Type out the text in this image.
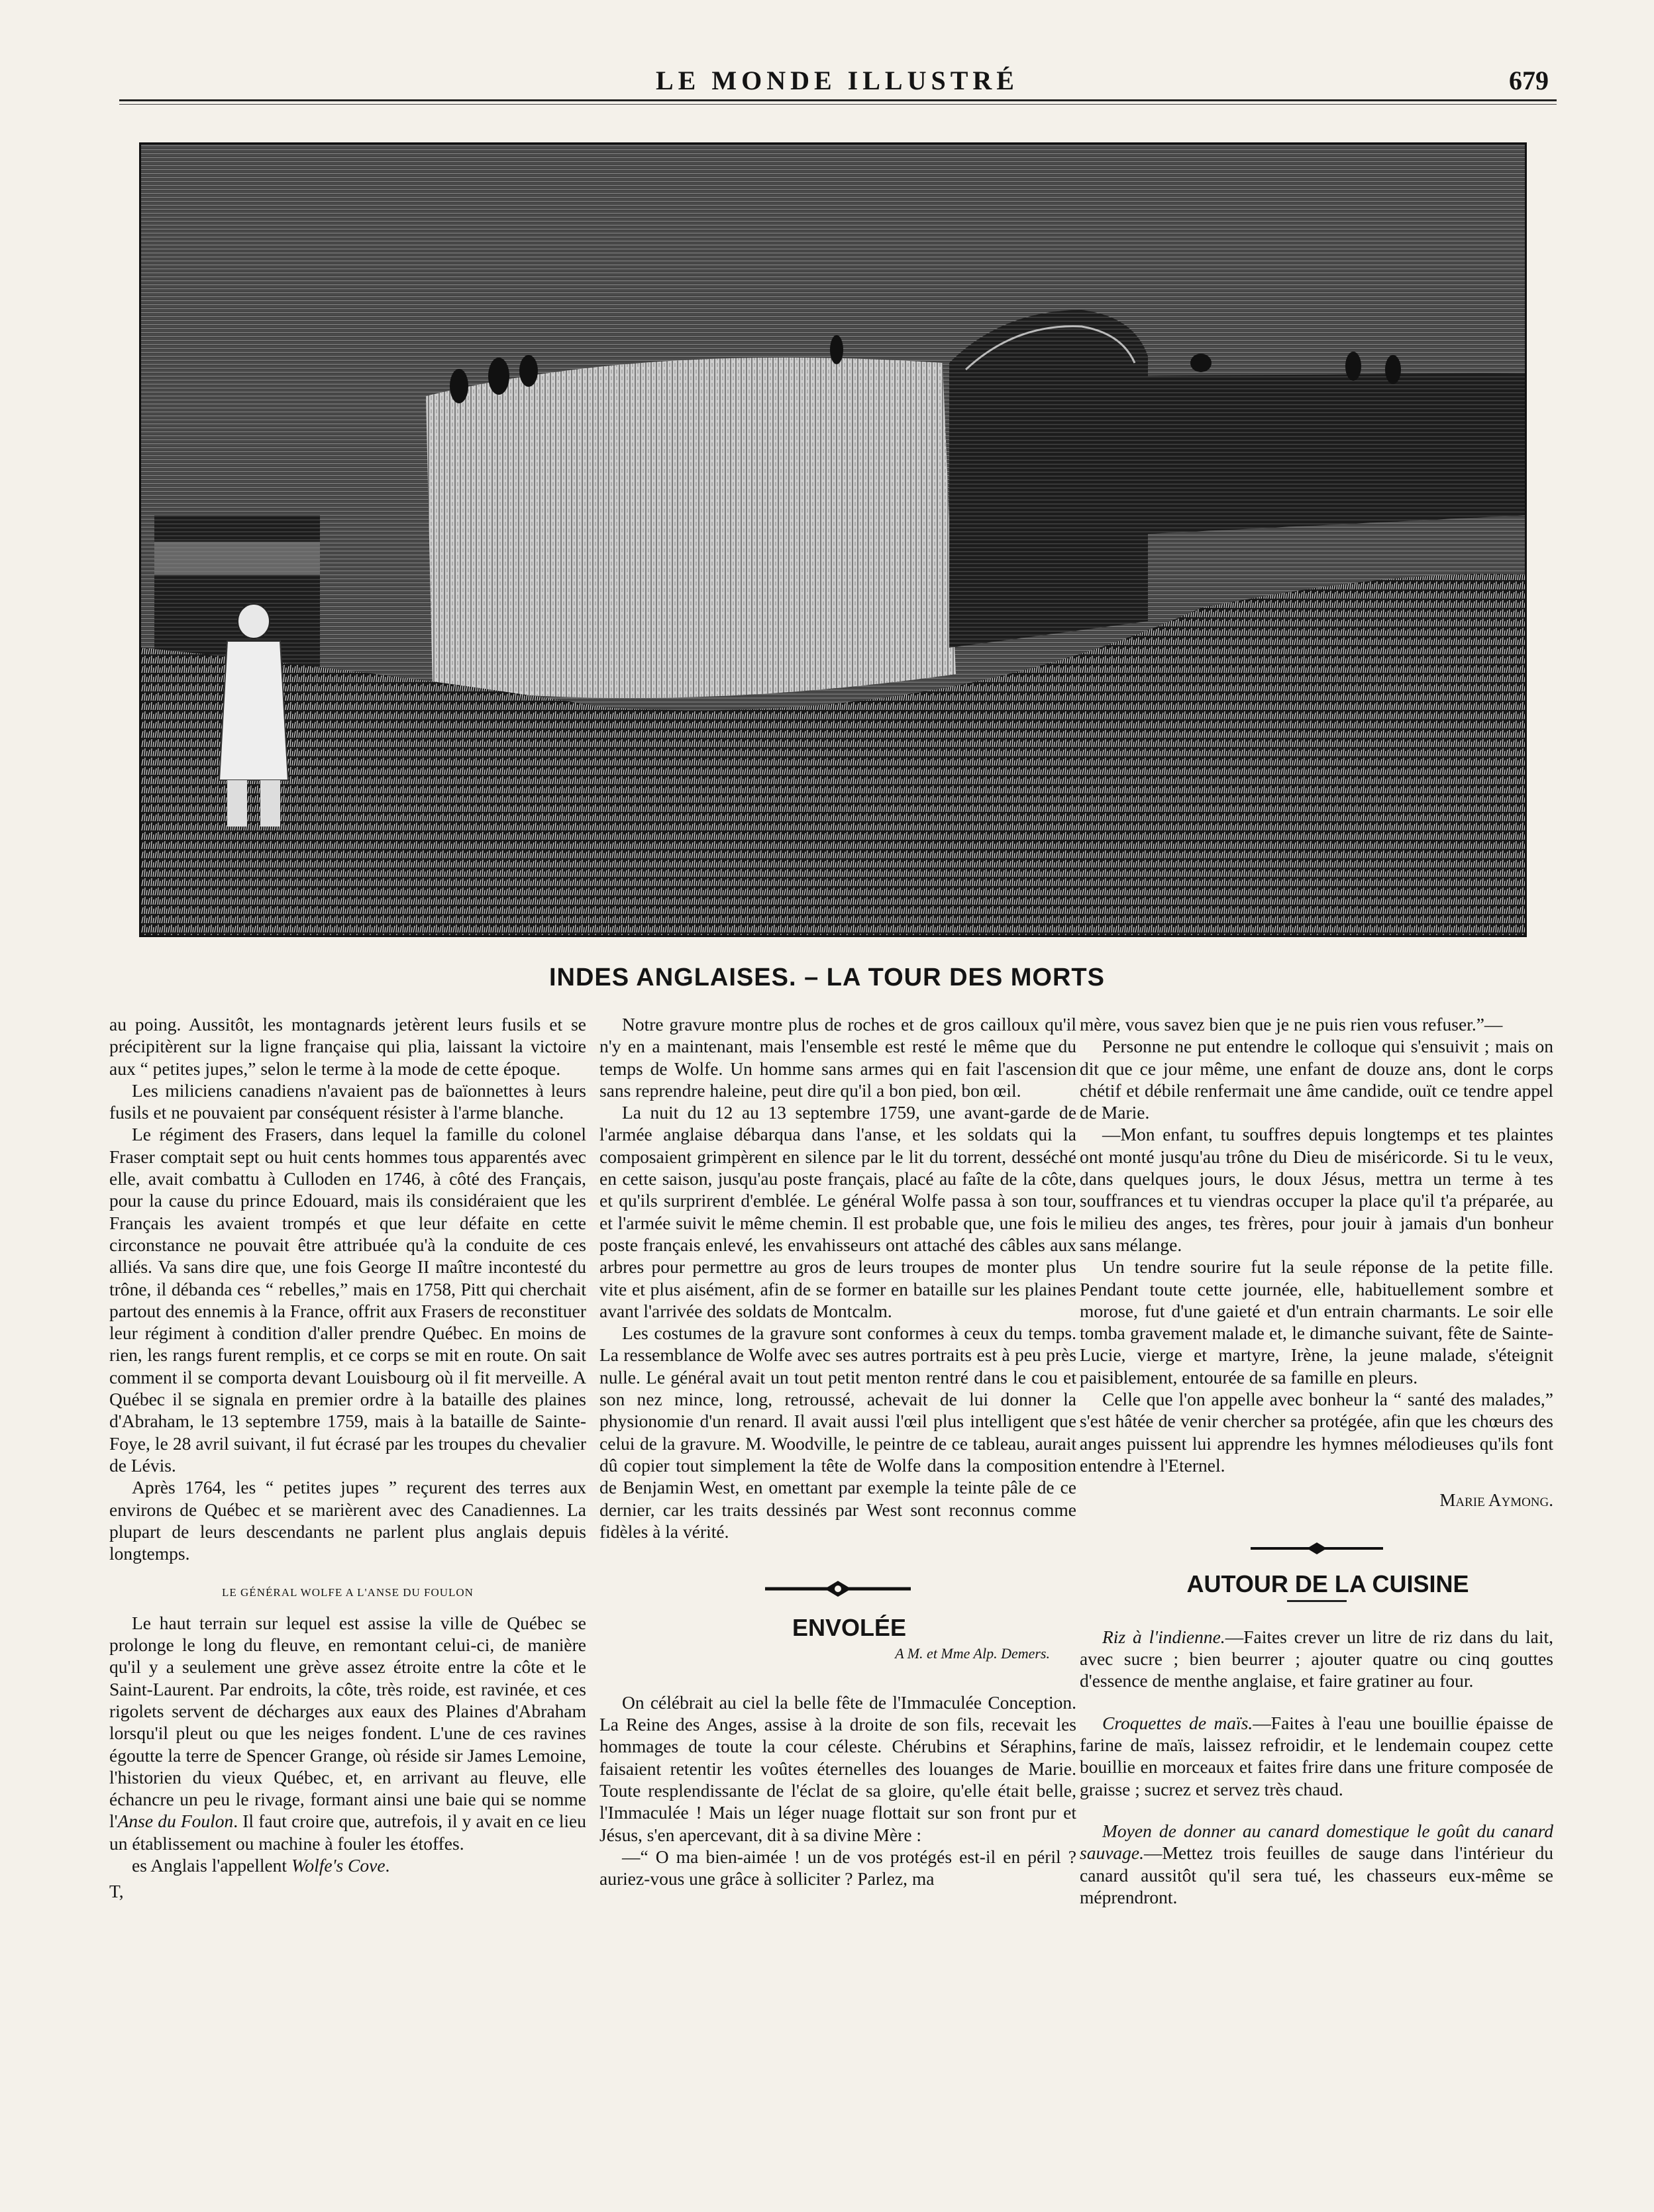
LE MONDE ILLUSTRÉ	679
INDES ANGLAISES. – LA TOUR DES MORTS

au poing. Aussitôt, les montagnards jetèrent leurs fusils et se précipitèrent sur la ligne française qui plia, laissant la victoire aux “ petites jupes,” selon le terme à la mode de cette époque.

Les miliciens canadiens n'avaient pas de baïonnettes à leurs fusils et ne pouvaient par conséquent résister à l'arme blanche.

Le régiment des Frasers, dans lequel la famille du colonel Fraser comptait sept ou huit cents hommes tous apparentés avec elle, avait combattu à Culloden en 1746, à côté des Français, pour la cause du prince Edouard, mais ils considéraient que les Français les avaient trompés et que leur défaite en cette circonstance ne pouvait être attribuée qu'à la conduite de ces alliés. Va sans dire que, une fois George II maître incontesté du trône, il débanda ces “ rebelles,” mais en 1758, Pitt qui cherchait partout des ennemis à la France, offrit aux Frasers de reconstituer leur régiment à condition d'aller prendre Québec. En moins de rien, les rangs furent remplis, et ce corps se mit en route. On sait comment il se comporta devant Louisbourg où il fit merveille. A Québec il se signala en premier ordre à la bataille des plaines d'Abraham, le 13 septembre 1759, mais à la bataille de Sainte-Foye, le 28 avril suivant, il fut écrasé par les troupes du chevalier de Lévis.

Après 1764, les “ petites jupes ” reçurent des terres aux environs de Québec et se marièrent avec des Canadiennes. La plupart de leurs descendants ne parlent plus anglais depuis longtemps.

LE GÉNÉRAL WOLFE A L'ANSE DU FOULON

Le haut terrain sur lequel est assise la ville de Québec se prolonge le long du fleuve, en remontant celui-ci, de manière qu'il y a seulement une grève assez étroite entre la côte et le Saint-Laurent. Par endroits, la côte, très roide, est ravinée, et ces rigolets servent de décharges aux eaux des Plaines d'Abraham lorsqu'il pleut ou que les neiges fondent. L'une de ces ravines égoutte la terre de Spencer Grange, où réside sir James Lemoine, l'historien du vieux Québec, et, en arrivant au fleuve, elle échancre un peu le rivage, formant ainsi une baie qui se nomme l'Anse du Foulon. Il faut croire que, autrefois, il y avait en ce lieu un établissement ou machine à fouler les étoffes.

es Anglais l'appellent Wolfe's Cove.

T,

Notre gravure montre plus de roches et de gros cailloux qu'il n'y en a maintenant, mais l'ensemble est resté le même que du temps de Wolfe. Un homme sans armes qui en fait l'ascension sans reprendre haleine, peut dire qu'il a bon pied, bon œil.

La nuit du 12 au 13 septembre 1759, une avant-garde de l'armée anglaise débarqua dans l'anse, et les soldats qui la composaient grimpèrent en silence par le lit du torrent, desséché en cette saison, jusqu'au poste français, placé au faîte de la côte, et qu'ils surprirent d'emblée. Le général Wolfe passa à son tour, et l'armée suivit le même chemin. Il est probable que, une fois le poste français enlevé, les envahisseurs ont attaché des câbles aux arbres pour permettre au gros de leurs troupes de monter plus vite et plus aisément, afin de se former en bataille sur les plaines avant l'arrivée des soldats de Montcalm.

Les costumes de la gravure sont conformes à ceux du temps. La ressemblance de Wolfe avec ses autres portraits est à peu près nulle. Le général avait un tout petit menton rentré dans le cou et son nez mince, long, retroussé, achevait de lui donner la physionomie d'un renard. Il avait aussi l'œil plus intelligent que celui de la gravure. M. Woodville, le peintre de ce tableau, aurait dû copier tout simplement la tête de Wolfe dans la composition de Benjamin West, en omettant par exemple la teinte pâle de ce dernier, car les traits dessinés par West sont reconnus comme fidèles à la vérité.

ENVOLÉE

A M. et Mme Alp. Demers.

On célébrait au ciel la belle fête de l'Immaculée Conception. La Reine des Anges, assise à la droite de son fils, recevait les hommages de toute la cour céleste. Chérubins et Séraphins, faisaient retentir les voûtes éternelles des louanges de Marie. Toute resplendissante de l'éclat de sa gloire, qu'elle était belle, l'Immaculée ! Mais un léger nuage flottait sur son front pur et Jésus, s'en apercevant, dit à sa divine Mère :

—“ O ma bien-aimée ! un de vos protégés est-il en péril ? auriez-vous une grâce à solliciter ? Parlez, ma

mère, vous savez bien que je ne puis rien vous refuser.”—

Personne ne put entendre le colloque qui s'ensuivit ; mais on dit que ce jour même, une enfant de douze ans, dont le corps chétif et débile renfermait une âme candide, ouït ce tendre appel de Marie.

—Mon enfant, tu souffres depuis longtemps et tes plaintes ont monté jusqu'au trône du Dieu de miséricorde. Si tu le veux, dans quelques jours, le doux Jésus, mettra un terme à tes souffrances et tu viendras occuper la place qu'il t'a préparée, au milieu des anges, tes frères, pour jouir à jamais d'un bonheur sans mélange.

Un tendre sourire fut la seule réponse de la petite fille. Pendant toute cette journée, elle, habituellement sombre et morose, fut d'une gaieté et d'un entrain charmants. Le soir elle tomba gravement malade et, le dimanche suivant, fête de Sainte-Lucie, vierge et martyre, Irène, la jeune malade, s'éteignit paisiblement, entourée de sa famille en pleurs.

Celle que l'on appelle avec bonheur la “ santé des malades,” s'est hâtée de venir chercher sa protégée, afin que les chœurs des anges puissent lui apprendre les hymnes mélodieuses qu'ils font entendre à l'Eternel.

Marie Aymong.

AUTOUR DE LA CUISINE

Riz à l'indienne.—Faites crever un litre de riz dans du lait, avec sucre ; bien beurrer ; ajouter quatre ou cinq gouttes d'essence de menthe anglaise, et faire gratiner au four.

Croquettes de maïs.—Faites à l'eau une bouillie épaisse de farine de maïs, laissez refroidir, et le lendemain coupez cette bouillie en morceaux et faites frire dans une friture composée de graisse ; sucrez et servez très chaud.

Moyen de donner au canard domestique le goût du canard sauvage.—Mettez trois feuilles de sauge dans l'intérieur du canard aussitôt qu'il sera tué, les chasseurs eux-même se méprendront.
